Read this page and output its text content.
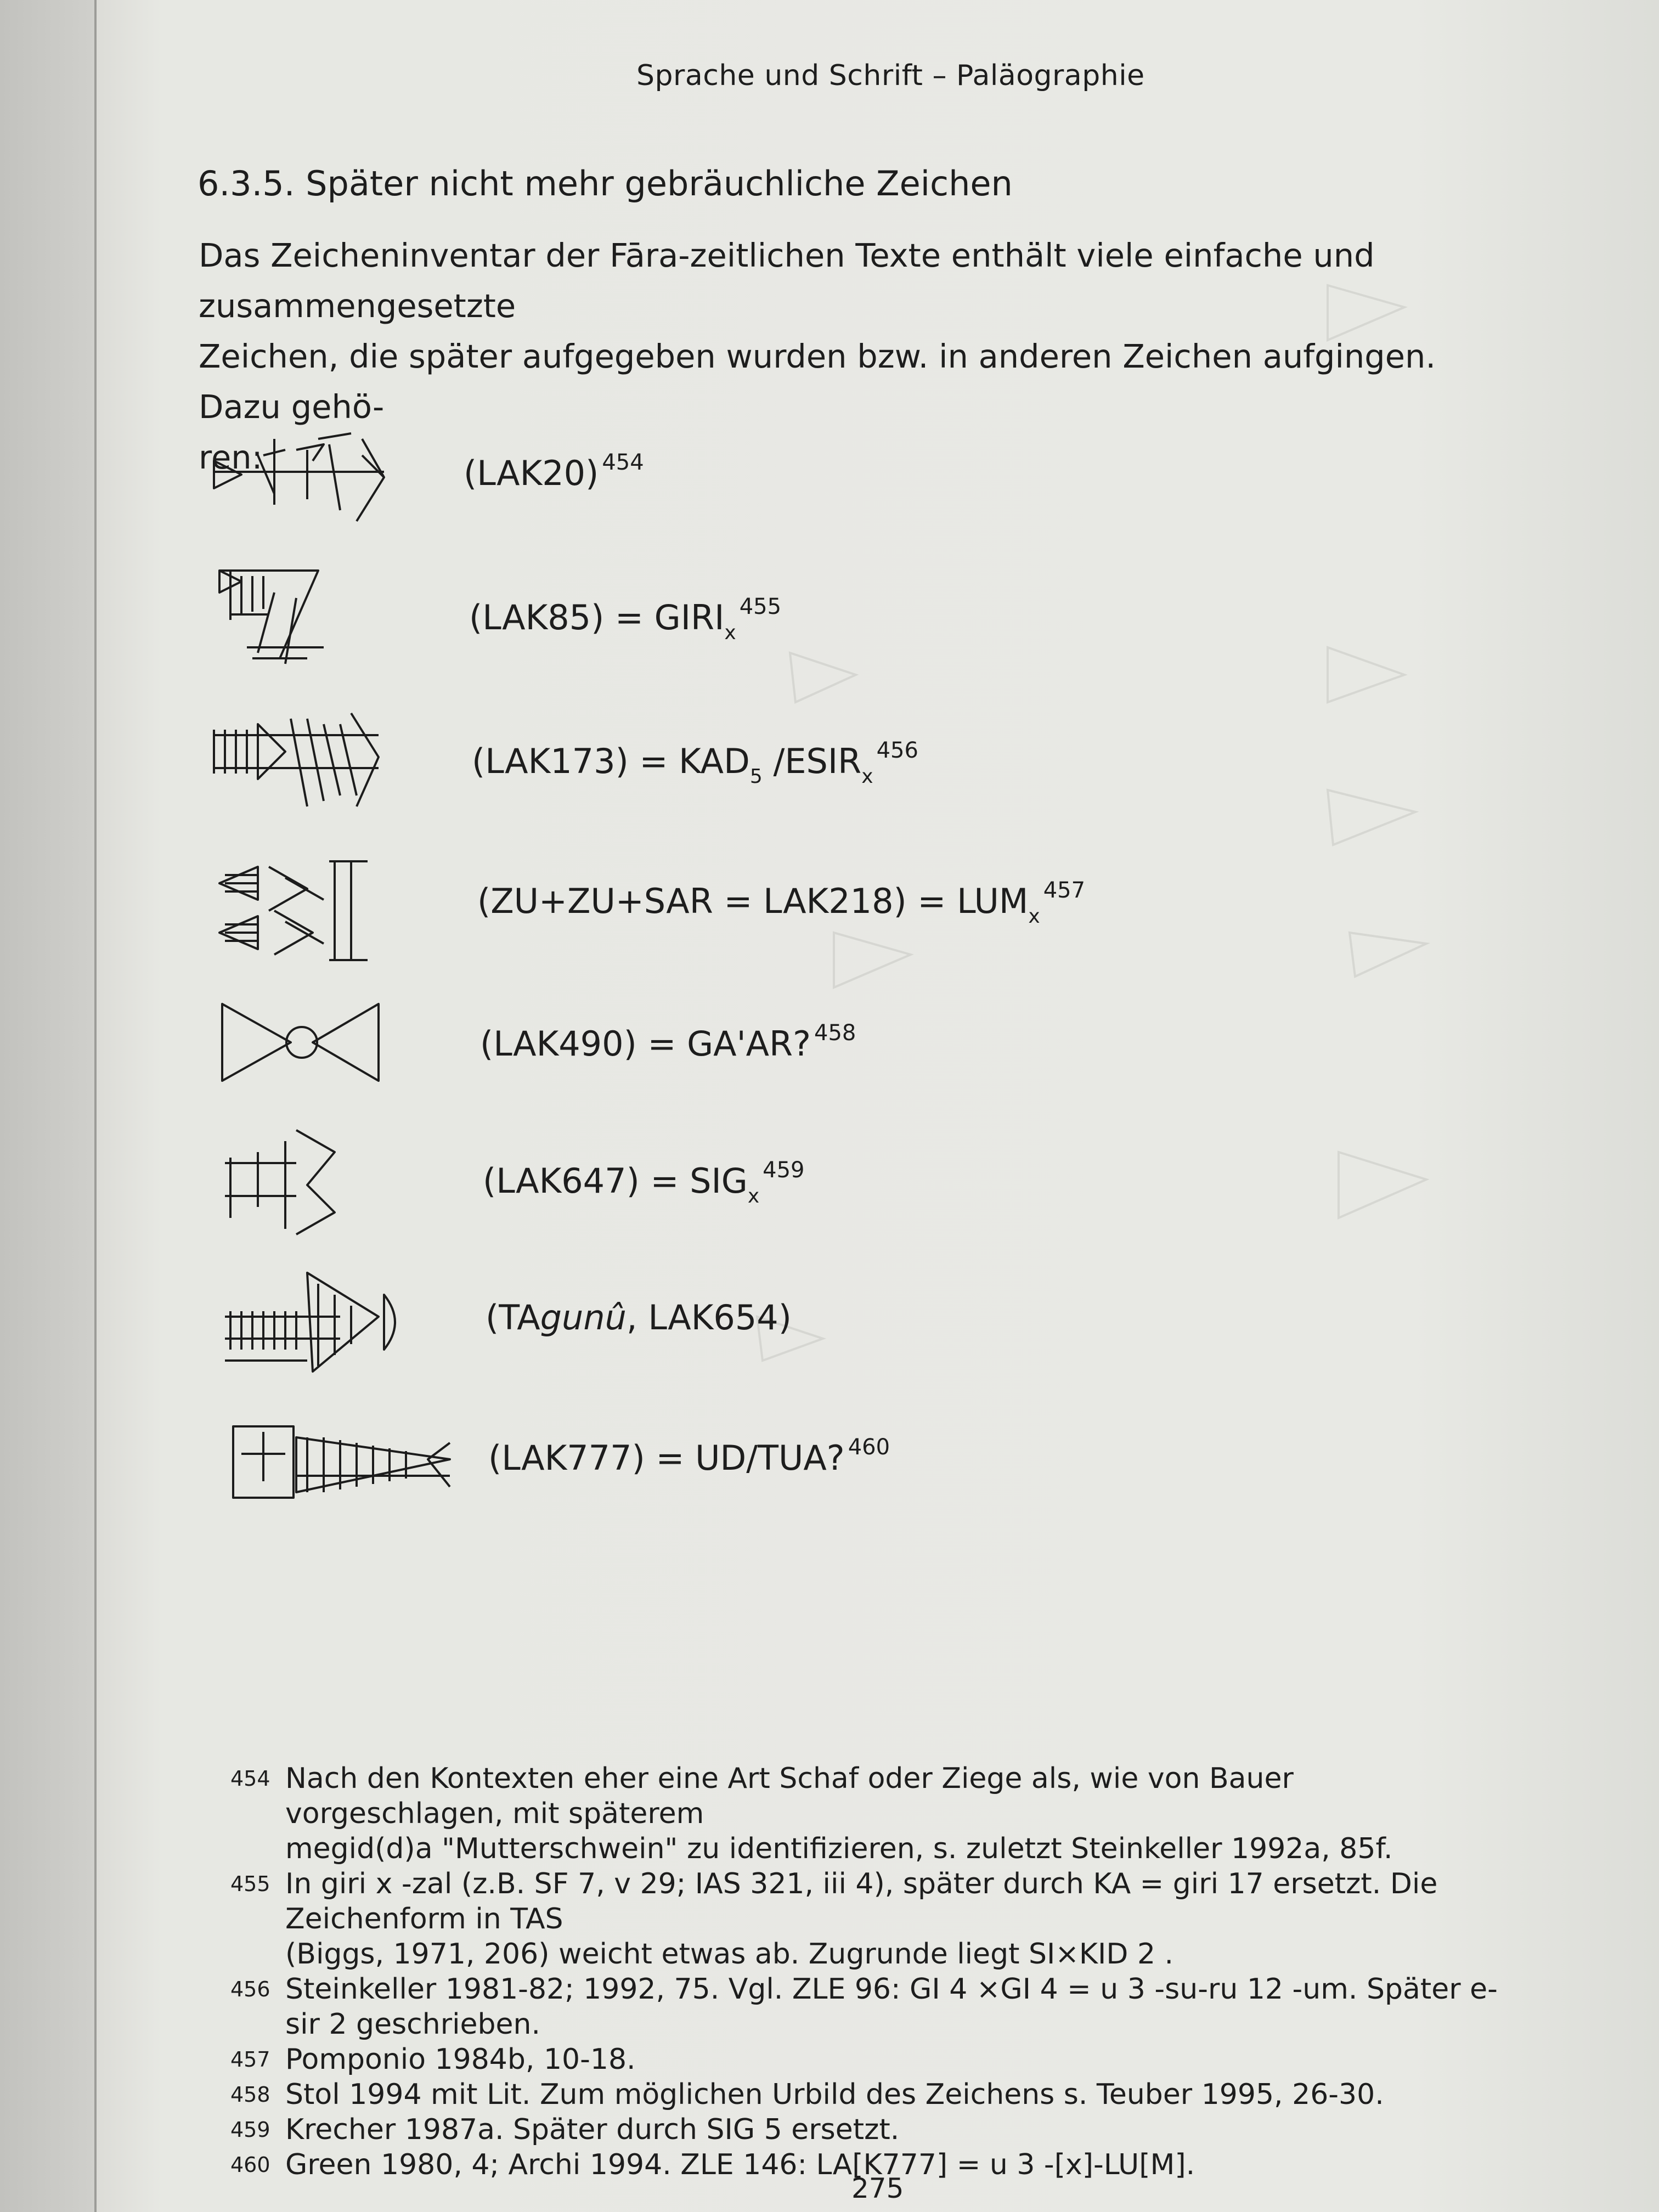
Sprache und Schrift – Paläographie
6.3.5. Später nicht mehr gebräuchliche Zeichen
Das Zeicheninventar der Fāra-zeitlichen Texte enthält viele einfache und zusammengesetzte
Zeichen, die später aufgegeben wurden bzw. in anderen Zeichen aufgingen. Dazu gehö-
ren:	(LAK20) $^{454}$
$(LAK85) = GIRI_x^{455}$
$(LAK173) = KAD_5$ $/ESIR_x^{456}$
$(ZU+ZU+SAR = LAK218) = LUM_x^{457}$
(LAK490) = GA'AR? $^{458}$
$(LAK647) = SIG_x^{459}$
(TAgunû, LAK654)
(LAK777) = UD/TUA? $^{460}$
454 Nach den Kontexten eher eine Art Schaf oder Ziege als, wie von Bauer vorgeschlagen, mit späterem
megid(d)a "Mutterschwein" zu identifizieren, s. zuletzt Steinkeller 1992a, 85f.
455 In giri x -zal (z.B. SF 7, v 29; IAS 321, iii 4), später durch KA = giri 17 ersetzt. Die Zeichenform in TAS
(Biggs, 1971, 206) weicht etwas ab. Zugrunde liegt SI×KID 2 .
456 Steinkeller 1981-82; 1992, 75. Vgl. ZLE 96: GI 4 ×GI 4 = u 3 -su-ru 12 -um. Später e-sir 2 geschrieben.
457 Pomponio 1984b, 10-18.
458 Stol 1994 mit Lit. Zum möglichen Urbild des Zeichens s. Teuber 1995, 26-30.
459 Krecher 1987a. Später durch SIG 5 ersetzt.
460 Green 1980, 4; Archi 1994. ZLE 146: LA[K777] = u 3 -[x]-LU[M].
275
